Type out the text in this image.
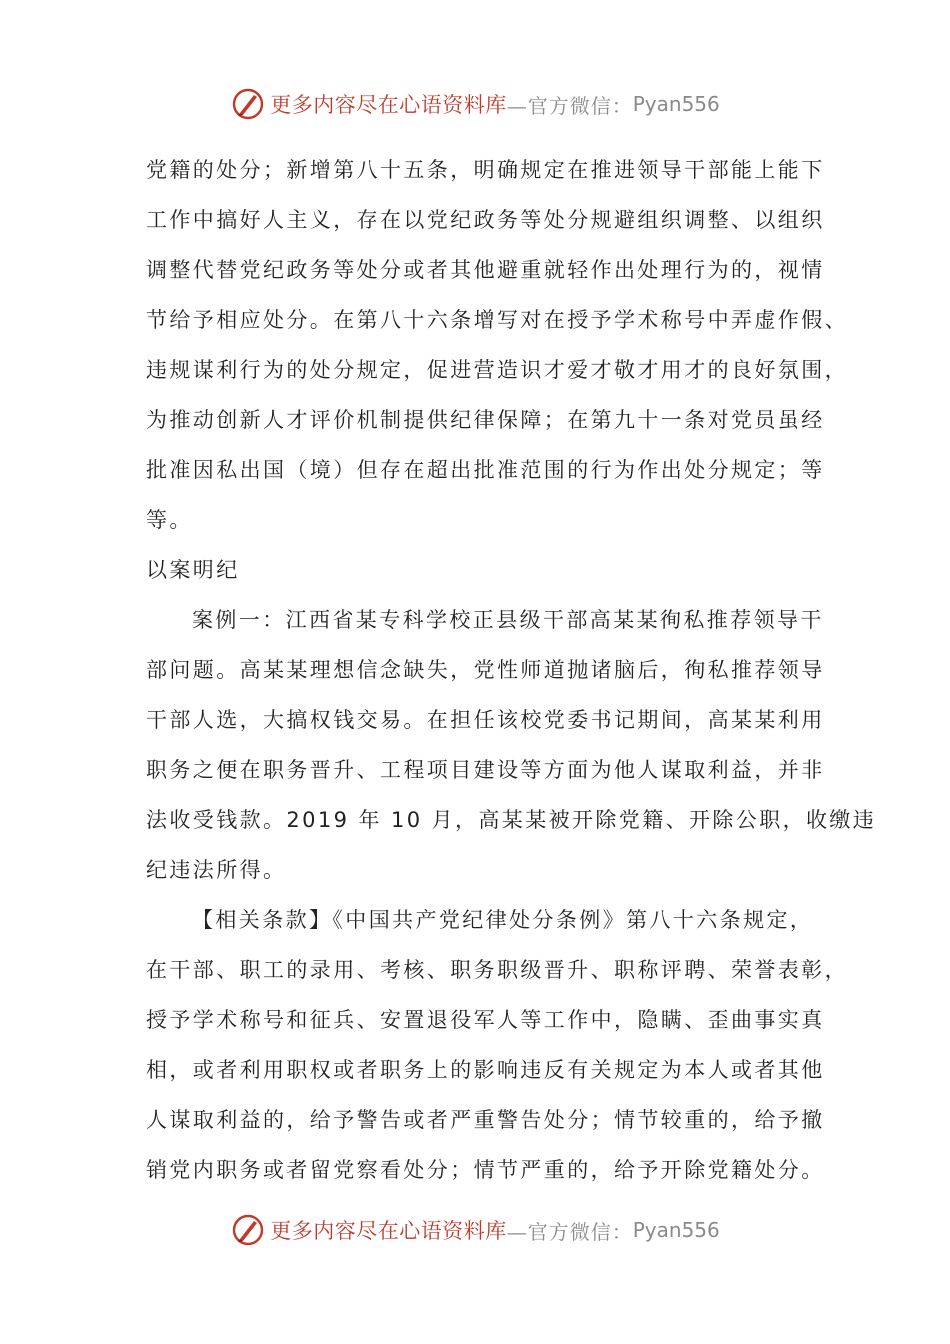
更多内容尽在心语资料库 —官方微信： Pyan556
党籍的处分；新增第八十五条，明确规定在推进领导干部能上能下
工作中搞好人主义，存在以党纪政务等处分规避组织调整、以组织
调整代替党纪政务等处分或者其他避重就轻作出处理行为的，视情
节给予相应处分。在第八十六条增写对在授予学术称号中弄虚作假、
违规谋利行为的处分规定，促进营造识才爱才敬才用才的良好氛围，
为推动创新人才评价机制提供纪律保障；在第九十一条对党员虽经
批准因私出国（境）但存在超出批准范围的行为作出处分规定；等
等。
以案明纪
案例一：江西省某专科学校正县级干部高某某徇私推荐领导干
部问题。高某某理想信念缺失，党性师道抛诸脑后，徇私推荐领导
干部人选，大搞权钱交易。在担任该校党委书记期间，高某某利用
职务之便在职务晋升、工程项目建设等方面为他人谋取利益，并非
法收受钱款。2019 年 10 月，高某某被开除党籍、开除公职，收缴违
纪违法所得。
【相关条款】《中国共产党纪律处分条例》第八十六条规定，
在干部、职工的录用、考核、职务职级晋升、职称评聘、荣誉表彰，
授予学术称号和征兵、安置退役军人等工作中，隐瞒、歪曲事实真
相，或者利用职权或者职务上的影响违反有关规定为本人或者其他
人谋取利益的，给予警告或者严重警告处分；情节较重的，给予撤
销党内职务或者留党察看处分；情节严重的，给予开除党籍处分。
更多内容尽在心语资料库 —官方微信： Pyan556
